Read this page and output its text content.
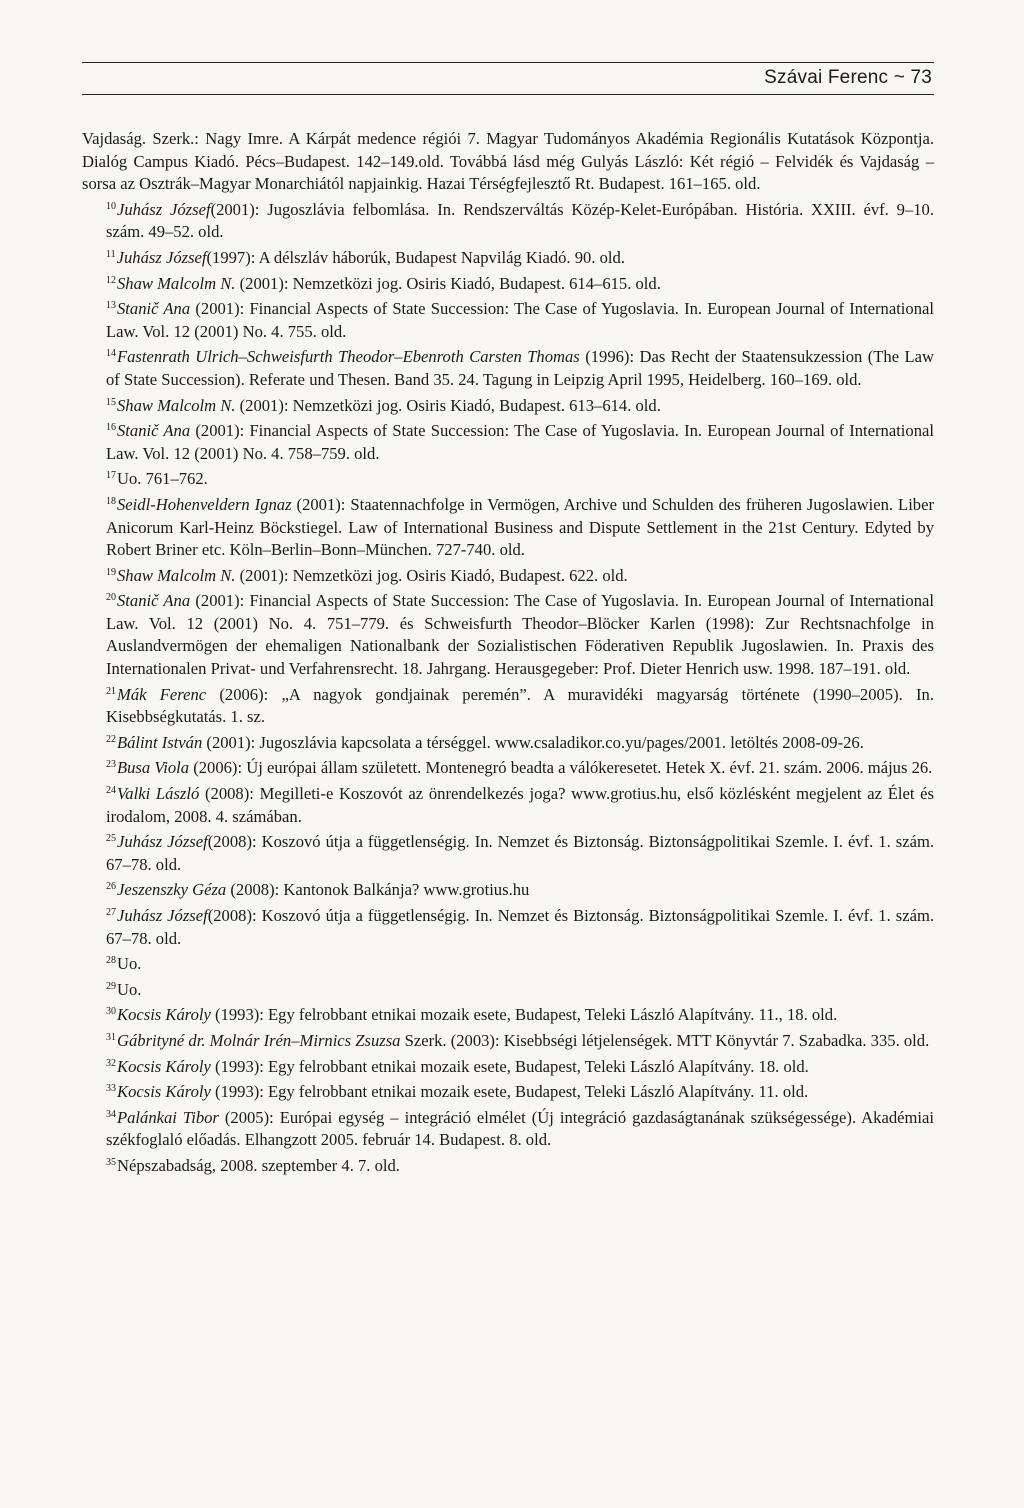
Szávai Ferenc ~ 73

Vajdaság. Szerk.: Nagy Imre. A Kárpát medence régiói 7. Magyar Tudományos Akadémia Regionális Kutatások Központja. Dialóg Campus Kiadó. Pécs–Budapest. 142–149.old. Továbbá lásd még Gulyás László: Két régió – Felvidék és Vajdaság – sorsa az Osztrák–Magyar Monarchiától napjainkig. Hazai Térségfejlesztő Rt. Budapest. 161–165. old.

$^{10}$Juhász József(2001): Jugoszlávia felbomlása. In. Rendszerváltás Közép-Kelet-Európában. História. XXIII. évf. 9–10. szám. 49–52. old.

$^{11}$Juhász József(1997): A délszláv háborúk, Budapest Napvilág Kiadó. 90. old.

$^{12}$Shaw Malcolm N. (2001): Nemzetközi jog. Osiris Kiadó, Budapest. 614–615. old.

$^{13}$Stanič Ana (2001): Financial Aspects of State Succession: The Case of Yugoslavia. In. European Journal of International Law. Vol. 12 (2001) No. 4. 755. old.

$^{14}$Fastenrath Ulrich–Schweisfurth Theodor–Ebenroth Carsten Thomas (1996): Das Recht der Staatensukzession (The Law of State Succession). Referate und Thesen. Band 35. 24. Tagung in Leipzig April 1995, Heidelberg. 160–169. old.

$^{15}$Shaw Malcolm N. (2001): Nemzetközi jog. Osiris Kiadó, Budapest. 613–614. old.

$^{16}$Stanič Ana (2001): Financial Aspects of State Succession: The Case of Yugoslavia. In. European Journal of International Law. Vol. 12 (2001) No. 4. 758–759. old.

$^{17}$Uo. 761–762.

$^{18}$Seidl-Hohenveldern Ignaz (2001): Staatennachfolge in Vermögen, Archive und Schulden des früheren Jugoslawien. Liber Anicorum Karl-Heinz Böckstiegel. Law of International Business and Dispute Settlement in the 21st Century. Edyted by Robert Briner etc. Köln–Berlin–Bonn–München. 727-740. old.

$^{19}$Shaw Malcolm N. (2001): Nemzetközi jog. Osiris Kiadó, Budapest. 622. old.

$^{20}$Stanič Ana (2001): Financial Aspects of State Succession: The Case of Yugoslavia. In. European Journal of International Law. Vol. 12 (2001) No. 4. 751–779. és Schweisfurth Theodor–Blöcker Karlen (1998): Zur Rechtsnachfolge in Auslandvermögen der ehemaligen Nationalbank der Sozialistischen Föderativen Republik Jugoslawien. In. Praxis des Internationalen Privat- und Verfahrensrecht. 18. Jahrgang. Herausgegeber: Prof. Dieter Henrich usw. 1998. 187–191. old.

$^{21}$Mák Ferenc (2006): „A nagyok gondjainak peremén”. A muravidéki magyarság története (1990–2005). In. Kisebbségkutatás. 1. sz.

$^{22}$Bálint István (2001): Jugoszlávia kapcsolata a térséggel. www.csaladikor.co.yu/pages/2001. letöltés 2008-09-26.

$^{23}$Busa Viola (2006): Új európai állam született. Montenegró beadta a válókeresetet. Hetek X. évf. 21. szám. 2006. május 26.

$^{24}$Valki László (2008): Megilleti-e Koszovót az önrendelkezés joga? www.grotius.hu, első közlésként megjelent az Élet és irodalom, 2008. 4. számában.

$^{25}$Juhász József(2008): Koszovó útja a függetlenségig. In. Nemzet és Biztonság. Biztonságpolitikai Szemle. I. évf. 1. szám. 67–78. old.

$^{26}$Jeszenszky Géza (2008): Kantonok Balkánja? www.grotius.hu

$^{27}$Juhász József(2008): Koszovó útja a függetlenségig. In. Nemzet és Biztonság. Biztonságpolitikai Szemle. I. évf. 1. szám. 67–78. old.

$^{28}$Uo.

$^{29}$Uo.

$^{30}$Kocsis Károly (1993): Egy felrobbant etnikai mozaik esete, Budapest, Teleki László Alapítvány. 11., 18. old.

$^{31}$Gábrityné dr. Molnár Irén–Mirnics Zsuzsa Szerk. (2003): Kisebbségi létjelenségek. MTT Könyvtár 7. Szabadka. 335. old.

$^{32}$Kocsis Károly (1993): Egy felrobbant etnikai mozaik esete, Budapest, Teleki László Alapítvány. 18. old.

$^{33}$Kocsis Károly (1993): Egy felrobbant etnikai mozaik esete, Budapest, Teleki László Alapítvány. 11. old.

$^{34}$Palánkai Tibor (2005): Európai egység – integráció elmélet (Új integráció gazdaságtanának szükségessége). Akadémiai székfoglaló előadás. Elhangzott 2005. február 14. Budapest. 8. old.

$^{35}$Népszabadság, 2008. szeptember 4. 7. old.
